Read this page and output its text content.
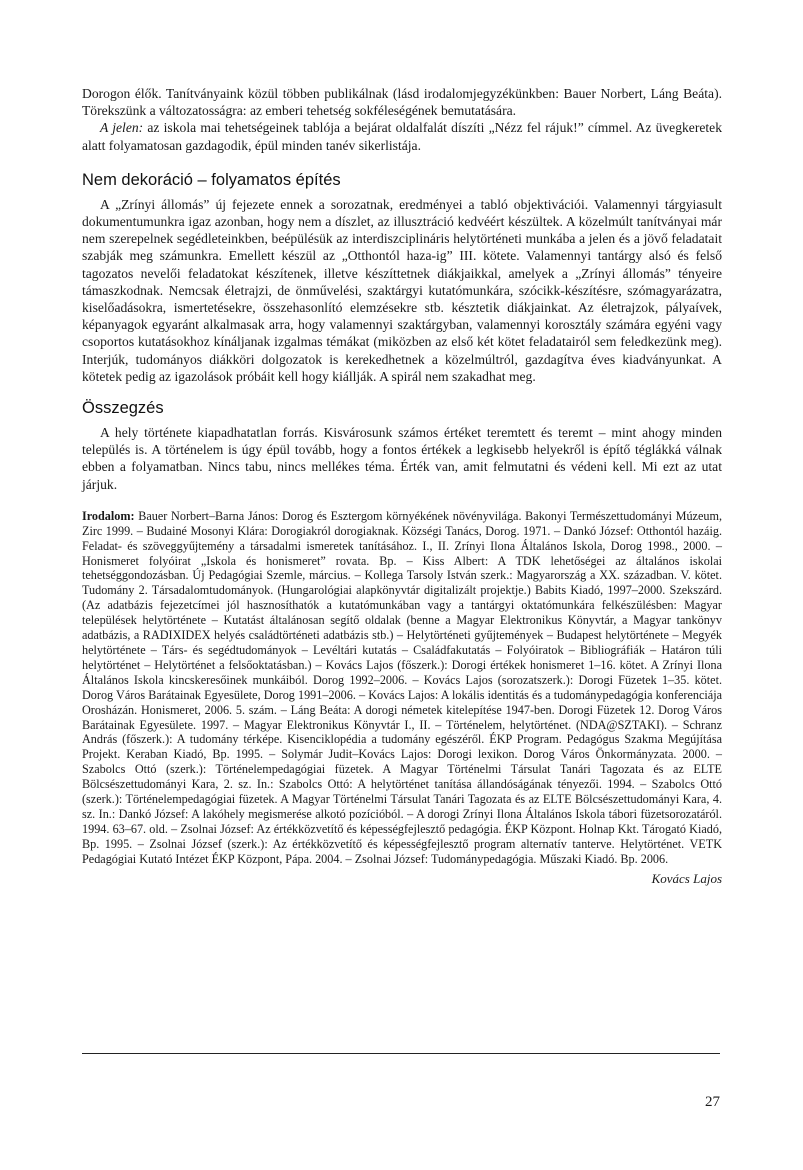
Dorogon élők. Tanítványaink közül többen publikálnak (lásd irodalomjegyzékünkben: Bauer Norbert, Láng Beáta). Törekszünk a változatosságra: az emberi tehetség sokféleségének bemutatására.

A jelen: az iskola mai tehetségeinek tablója a bejárat oldalfalát díszíti „Nézz fel rájuk!” címmel. Az üvegkeretek alatt folyamatosan gazdagodik, épül minden tanév sikerlistája.

Nem dekoráció – folyamatos építés

A „Zrínyi állomás” új fejezete ennek a sorozatnak, eredményei a tabló objektivációi. Valamennyi tárgyiasult dokumentumunkra igaz azonban, hogy nem a díszlet, az illusztráció kedvéért készültek. A közelmúlt tanítványai már nem szerepelnek segédleteinkben, beépülésük az interdiszciplináris helytörténeti munkába a jelen és a jövő feladatait szabják meg számunkra. Emellett készül az „Otthontól haza-ig” III. kötete. Valamennyi tantárgy alsó és felső tagozatos nevelői feladatokat készítenek, illetve készíttetnek diákjaikkal, amelyek a „Zrínyi állomás” tényeire támaszkodnak. Nemcsak életrajzi, de önművelési, szaktárgyi kutatómunkára, szócikk-készítésre, szómagyarázatra, kiselőadásokra, ismertetésekre, összehasonlító elemzésekre stb. késztetik diákjainkat. Az életrajzok, pályaívek, képanyagok egyaránt alkalmasak arra, hogy valamennyi szaktárgyban, valamennyi korosztály számára egyéni vagy csoportos kutatásokhoz kínáljanak izgalmas témákat (miközben az első két kötet feladatairól sem feledkezünk meg). Interjúk, tudományos diákköri dolgozatok is kerekedhetnek a közelmúltról, gazdagítva éves kiadványunkat. A kötetek pedig az igazolások próbáit kell hogy kiállják. A spirál nem szakadhat meg.

Összegzés

A hely története kiapadhatatlan forrás. Kisvárosunk számos értéket teremtett és teremt – mint ahogy minden település is. A történelem is úgy épül tovább, hogy a fontos értékek a legkisebb helyekről is építő téglákká válnak ebben a folyamatban. Nincs tabu, nincs mellékes téma. Érték van, amit felmutatni és védeni kell. Mi ezt az utat járjuk.

Irodalom: Bauer Norbert–Barna János: Dorog és Esztergom környékének növényvilága. Bakonyi Természettudományi Múzeum, Zirc 1999. – Budainé Mosonyi Klára: Dorogiakról dorogiaknak. Községi Tanács, Dorog. 1971. – Dankó József: Otthontól hazáig. Feladat- és szöveggyűjtemény a társadalmi ismeretek tanításához. I., II. Zrínyi Ilona Általános Iskola, Dorog 1998., 2000. – Honismeret folyóirat „Iskola és honismeret” rovata. Bp. – Kiss Albert: A TDK lehetőségei az általános iskolai tehetséggondozásban. Új Pedagógiai Szemle, március. – Kollega Tarsoly István szerk.: Magyarország a XX. században. V. kötet. Tudomány 2. Társadalomtudományok. (Hungarológiai alapkönyvtár digitalizált projektje.) Babits Kiadó, 1997–2000. Szekszárd. (Az adatbázis fejezetcímei jól hasznosíthatók a kutatómunkában vagy a tantárgyi oktatómunkára felkészülésben: Magyar települések helytörténete – Kutatást általánosan segítő oldalak (benne a Magyar Elektronikus Könyvtár, a Magyar tankönyv adatbázis, a RADIXIDEX helyés családtörténeti adatbázis stb.) – Helytörténeti gyűjtemények – Budapest helytörténete – Megyék helytörténete – Társ- és segédtudományok – Levéltári kutatás – Családfakutatás – Folyóiratok – Bibliográfiák – Határon túli helytörténet – Helytörténet a felsőoktatásban.) – Kovács Lajos (főszerk.): Dorogi értékek honismeret 1–16. kötet. A Zrínyi Ilona Általános Iskola kincskeresőinek munkáiból. Dorog 1992–2006. – Kovács Lajos (sorozatszerk.): Dorogi Füzetek 1–35. kötet. Dorog Város Barátainak Egyesülete, Dorog 1991–2006. – Kovács Lajos: A lokális identitás és a tudománypedagógia konferenciája Orosházán. Honismeret, 2006. 5. szám. – Láng Beáta: A dorogi németek kitelepítése 1947-ben. Dorogi Füzetek 12. Dorog Város Barátainak Egyesülete. 1997. – Magyar Elektronikus Könyvtár I., II. – Történelem, helytörténet. (NDA@SZTAKI). – Schranz András (főszerk.): A tudomány térképe. Kisenciklopédia a tudomány egészéről. ÉKP Program. Pedagógus Szakma Megújítása Projekt. Keraban Kiadó, Bp. 1995. – Solymár Judit–Kovács Lajos: Dorogi lexikon. Dorog Város Önkormányzata. 2000. – Szabolcs Ottó (szerk.): Történelempedagógiai füzetek. A Magyar Történelmi Társulat Tanári Tagozata és az ELTE Bölcsészettudományi Kara, 2. sz. In.: Szabolcs Ottó: A helytörténet tanítása állandóságának tényezői. 1994. – Szabolcs Ottó (szerk.): Történelempedagógiai füzetek. A Magyar Történelmi Társulat Tanári Tagozata és az ELTE Bölcsészettudományi Kara, 4. sz. In.: Dankó József: A lakóhely megismerése alkotó pozícióból. – A dorogi Zrínyi Ilona Általános Iskola tábori füzetsorozatáról. 1994. 63–67. old. – Zsolnai József: Az értékközvetítő és képességfejlesztő pedagógia. ÉKP Központ. Holnap Kkt. Tárogató Kiadó, Bp. 1995. – Zsolnai József (szerk.): Az értékközvetítő és képességfejlesztő program alternatív tanterve. Helytörténet. VETK Pedagógiai Kutató Intézet ÉKP Központ, Pápa. 2004. – Zsolnai József: Tudománypedagógia. Műszaki Kiadó. Bp. 2006.

Kovács Lajos
27
